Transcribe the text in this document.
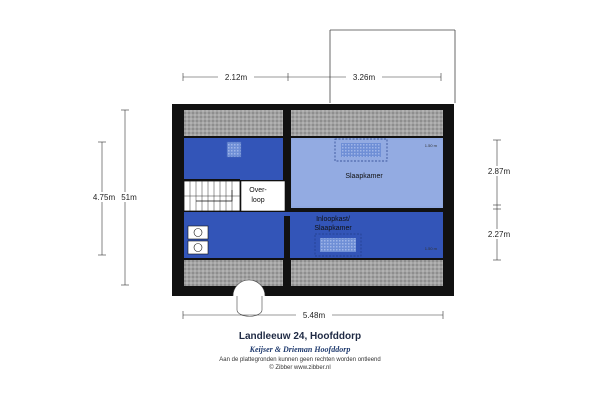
Slaapkamer
1.50 m
Over-
loop
Inloopkast/
Slaapkamer
1.50 m
2.12m	3.26m
4.75m 51m
2.87m
2.27m
5.48m
Landleeuw 24, Hoofddorp
Keijser & Drieman Hoofddorp
Aan de plattegronden kunnen geen rechten worden ontleend
© Zibber www.zibber.nl
